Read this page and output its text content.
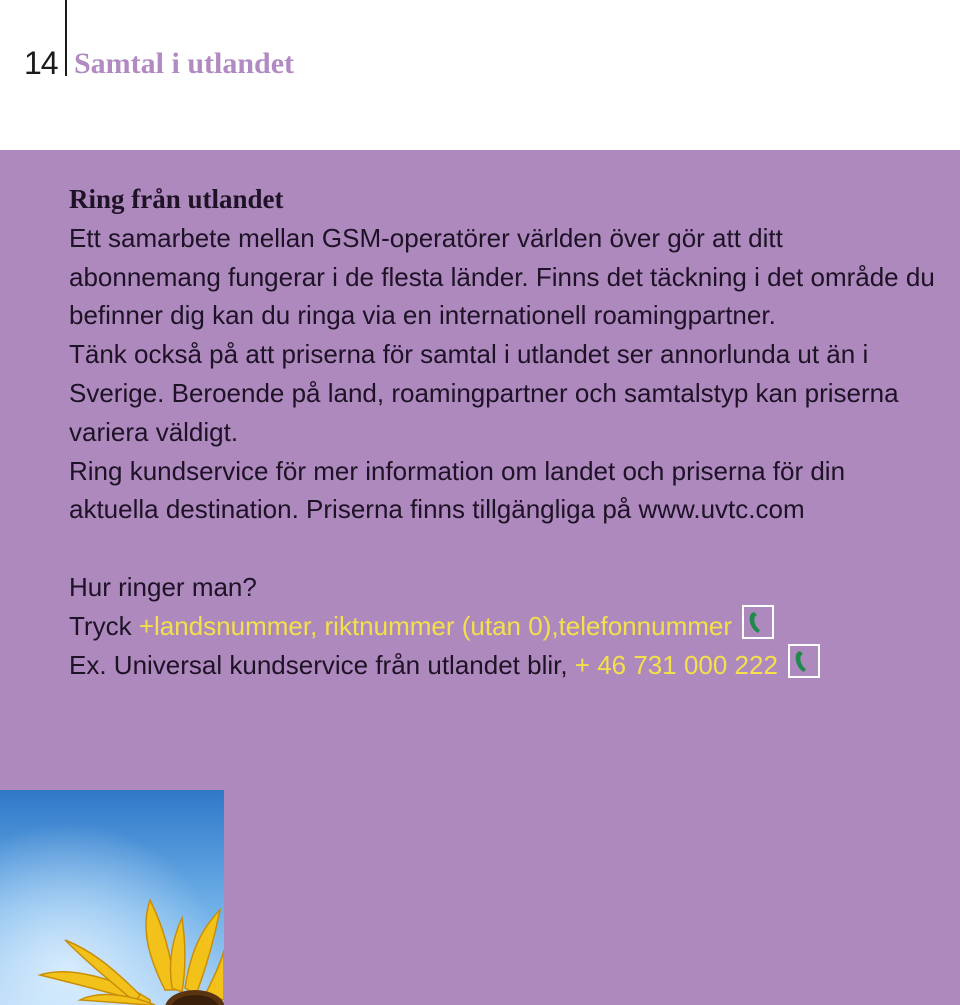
14 Samtal i utlandet

Ring från utlandet

Ett samarbete mellan GSM-operatörer världen över gör att ditt abonnemang fungerar i de flesta länder. Finns det täckning i det område du befinner dig kan du ringa via en internationell roamingpartner.

Tänk också på att priserna för samtal i utlandet ser annorlunda ut än i Sverige. Beroende på land, roamingpartner och samtalstyp kan priserna variera väldigt.

Ring kundservice för mer information om landet och priserna för din aktuella destination. Priserna finns tillgängliga på www.uvtc.com

Hur ringer man?

Tryck +landsnummer, riktnummer (utan 0),telefonnummer

Ex. Universal kundservice från utlandet blir, + 46 731 000 222
